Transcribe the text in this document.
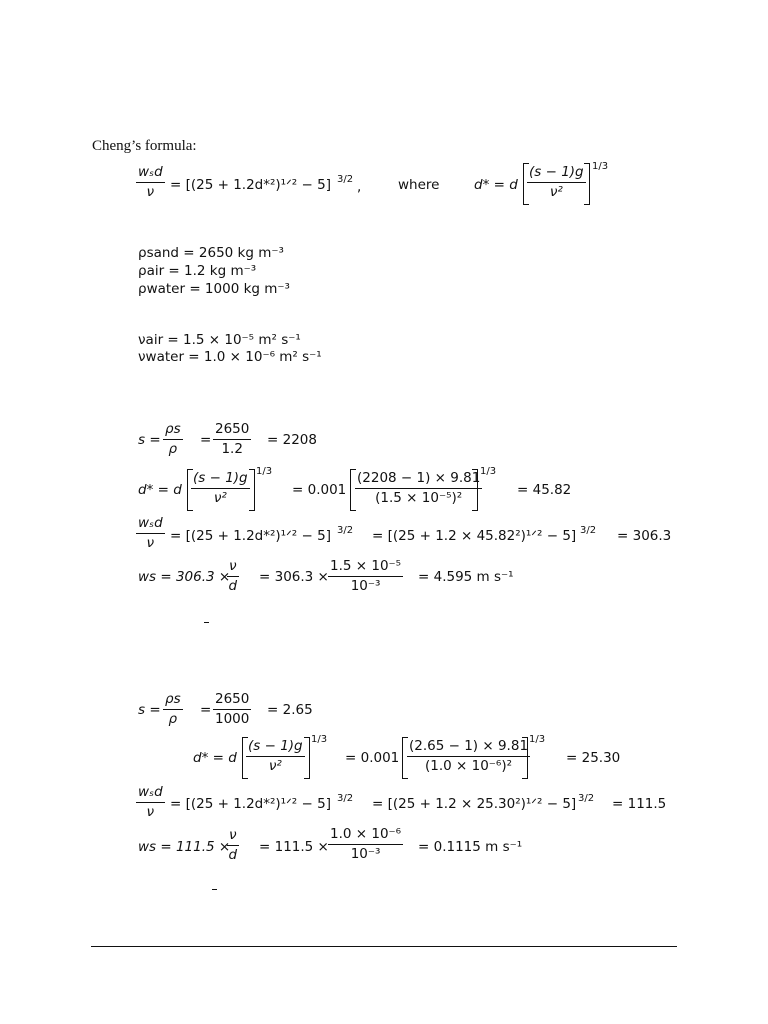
Cheng’s formula:
wₛd
ν	= [(25 + 1.2d*²)¹ᐟ² − 5] 3/2 ,	where	d* = d $\frac{(s - 1)g}{\text{ν²}} 1/3$
ρsand = 2650 kg m⁻³
ρair = 1.2 kg m⁻³
ρwater = 1000 kg m⁻³
νair = 1.5 × 10⁻⁵ m² s⁻¹
νwater = 1.0 × 10⁻⁶ m² s⁻¹
$s = \frac{\rho s}{\rho} = \frac{2650}{1.2} = 2208$
d* = d $\frac{(s - 1)g}{\text{ν²}}$
1/3
= $0.001 \frac{(2208 - 1) \times 9.81}{\text{(1.5 × 10⁻⁵)²}}$
1/3
= 45.82
wₛd
ν	= [(25 + 1.2d*²)¹ᐟ² − 5] 3/2 = [(25 + 1.2 × 45.82²)¹ᐟ² − 5] 3/2 = 306.3
ws = 306.3 ×
$\frac{\nu}{d} = 306.3 \times \frac{\text{1.5 × 10⁻⁵}}{\text{10⁻³}} = 4.595$ m s⁻¹
$s = \frac{\rho s}{\rho} = \frac{2650}{1000} = 2.65$
d* = d $\frac{(s - 1)g}{\text{ν²}}$
1/3
= $0.001 \frac{(2.65 - 1) \times 9.81}{\text{(1.0 × 10⁻⁶)²}}$
1/3
= 25.30
wₛd
ν	= [(25 + 1.2d*²)¹ᐟ² − 5] 3/2 = [(25 + 1.2 × 25.30²)¹ᐟ² − 5] 3/2 = 111.5
ws = 111.5 ×
$\frac{\nu}{d} = 111.5 \times \frac{\text{1.0 × 10⁻⁶}}{\text{10⁻³}} = 0.1115$ m s⁻¹
